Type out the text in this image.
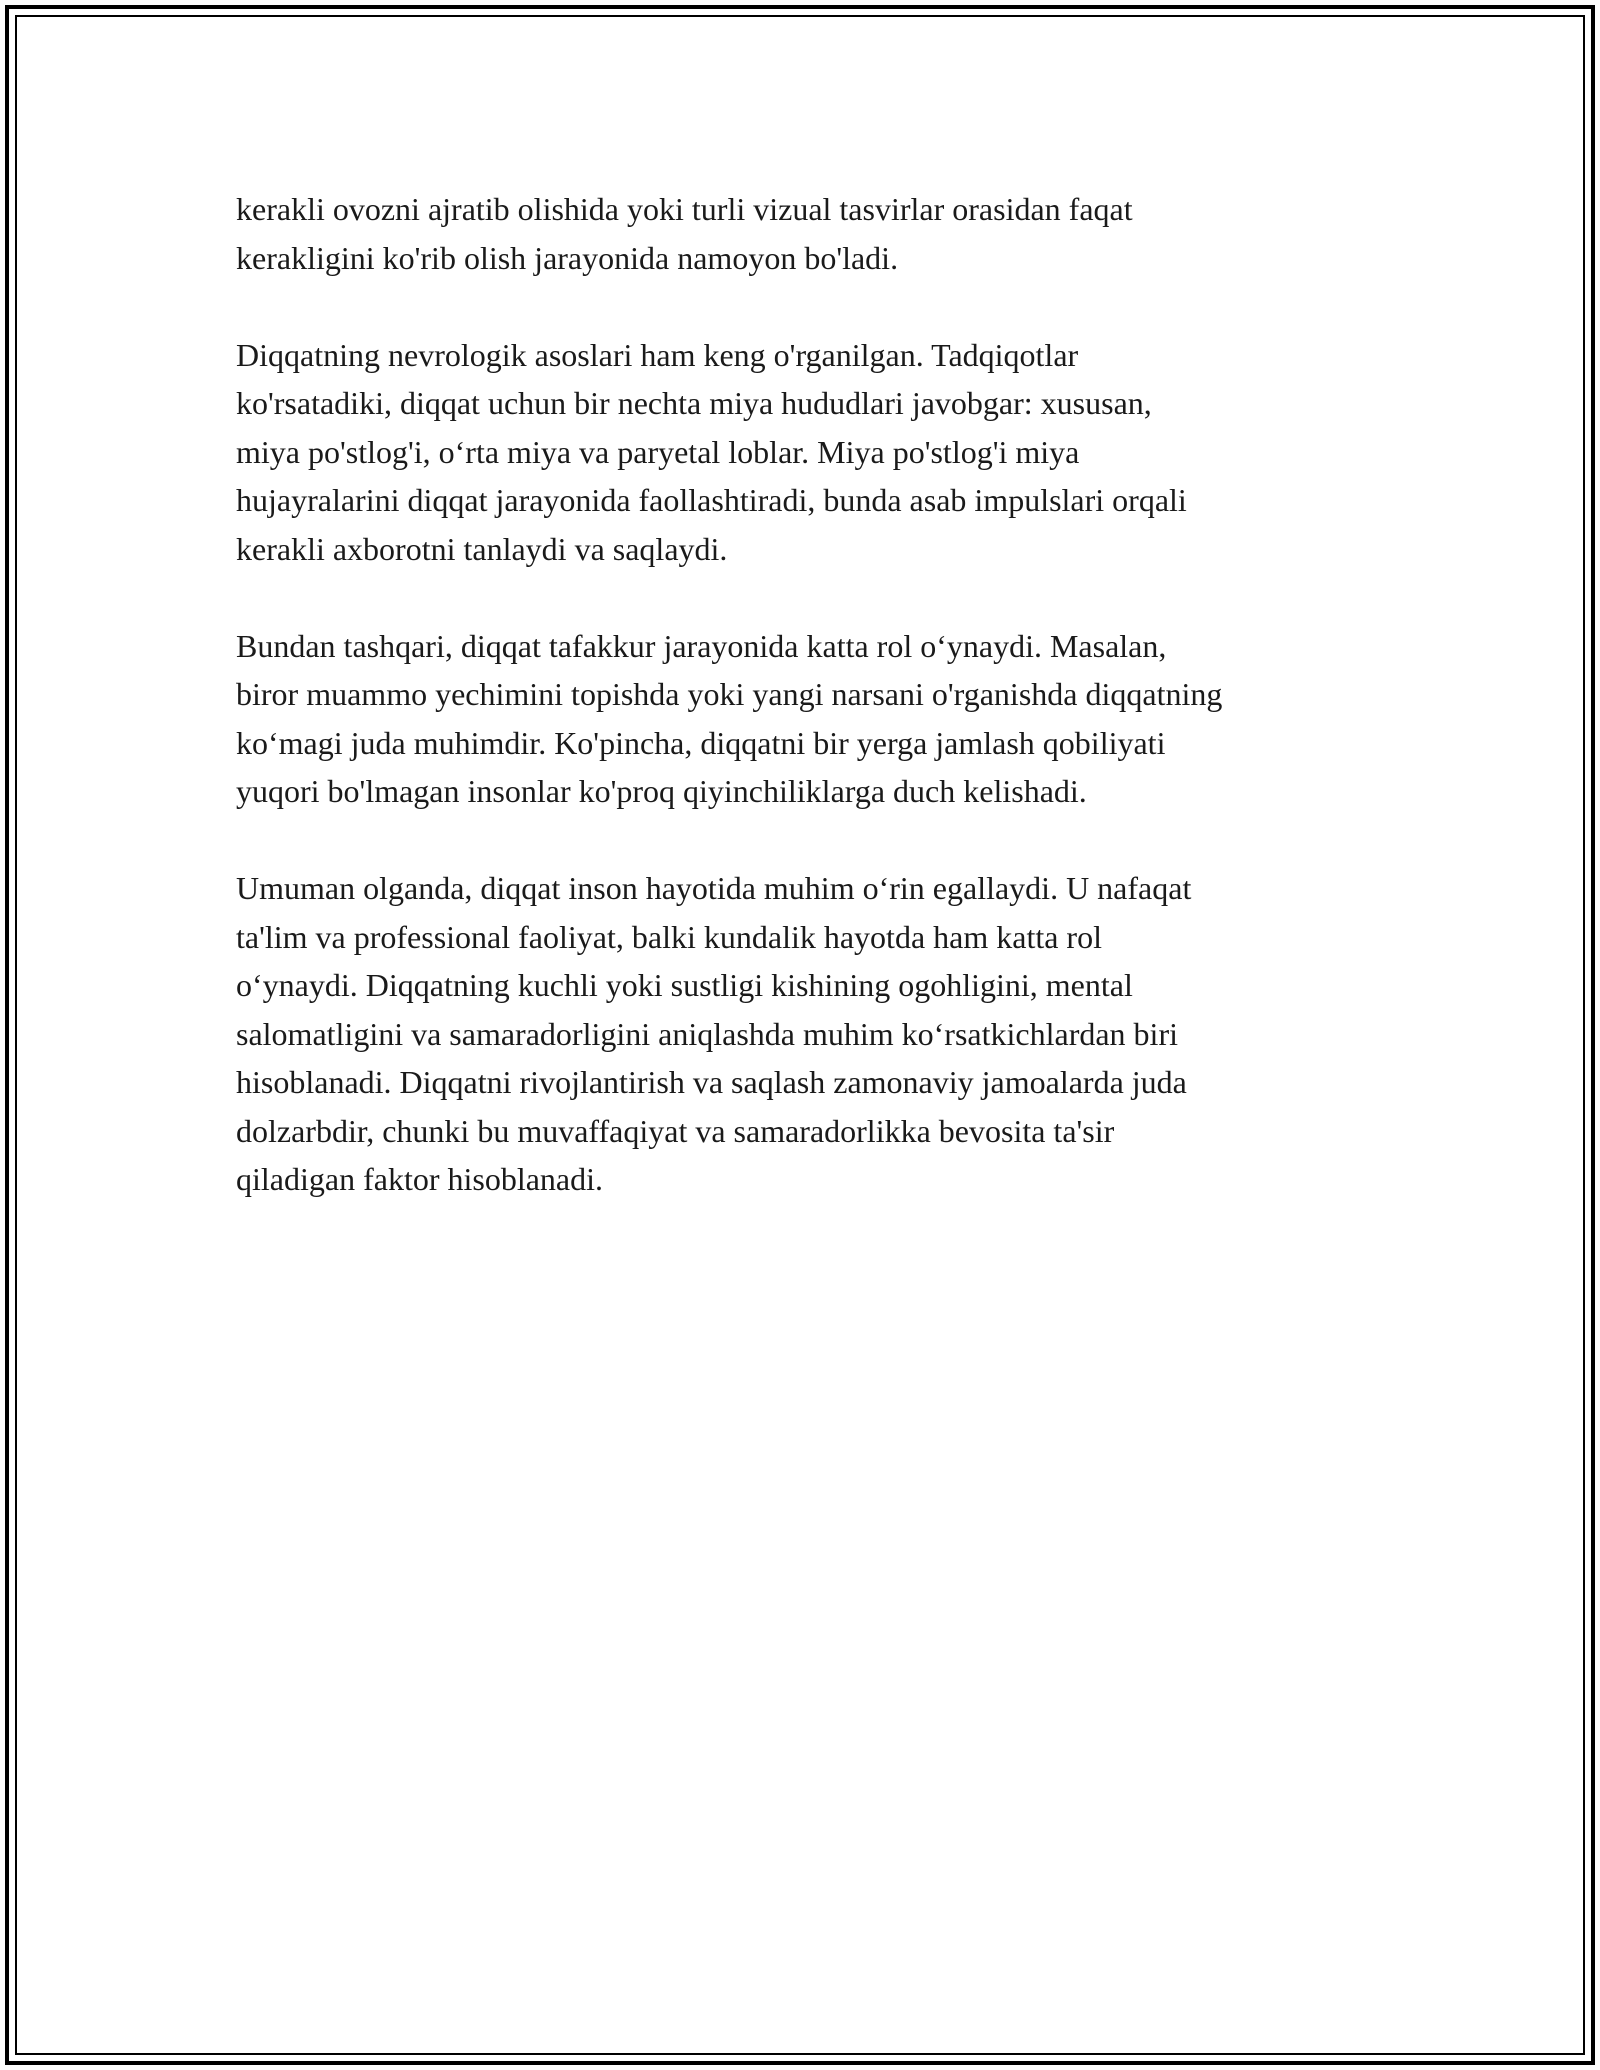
kerakli ovozni ajratib olishida yoki turli vizual tasvirlar orasidan faqat
kerakligini ko'rib olish jarayonida namoyon bo'ladi.

Diqqatning nevrologik asoslari ham keng o'rganilgan. Tadqiqotlar
ko'rsatadiki, diqqat uchun bir nechta miya hududlari javobgar: xususan,
miya po'stlog'i, o‘rta miya va paryetal loblar. Miya po'stlog'i miya
hujayralarini diqqat jarayonida faollashtiradi, bunda asab impulslari orqali
kerakli axborotni tanlaydi va saqlaydi.

Bundan tashqari, diqqat tafakkur jarayonida katta rol o‘ynaydi. Masalan,
biror muammo yechimini topishda yoki yangi narsani o'rganishda diqqatning
ko‘magi juda muhimdir. Ko'pincha, diqqatni bir yerga jamlash qobiliyati
yuqori bo'lmagan insonlar ko'proq qiyinchiliklarga duch kelishadi.

Umuman olganda, diqqat inson hayotida muhim o‘rin egallaydi. U nafaqat
ta'lim va professional faoliyat, balki kundalik hayotda ham katta rol
o‘ynaydi. Diqqatning kuchli yoki sustligi kishining ogohligini, mental
salomatligini va samaradorligini aniqlashda muhim ko‘rsatkichlardan biri
hisoblanadi. Diqqatni rivojlantirish va saqlash zamonaviy jamoalarda juda
dolzarbdir, chunki bu muvaffaqiyat va samaradorlikka bevosita ta'sir
qiladigan faktor hisoblanadi.
